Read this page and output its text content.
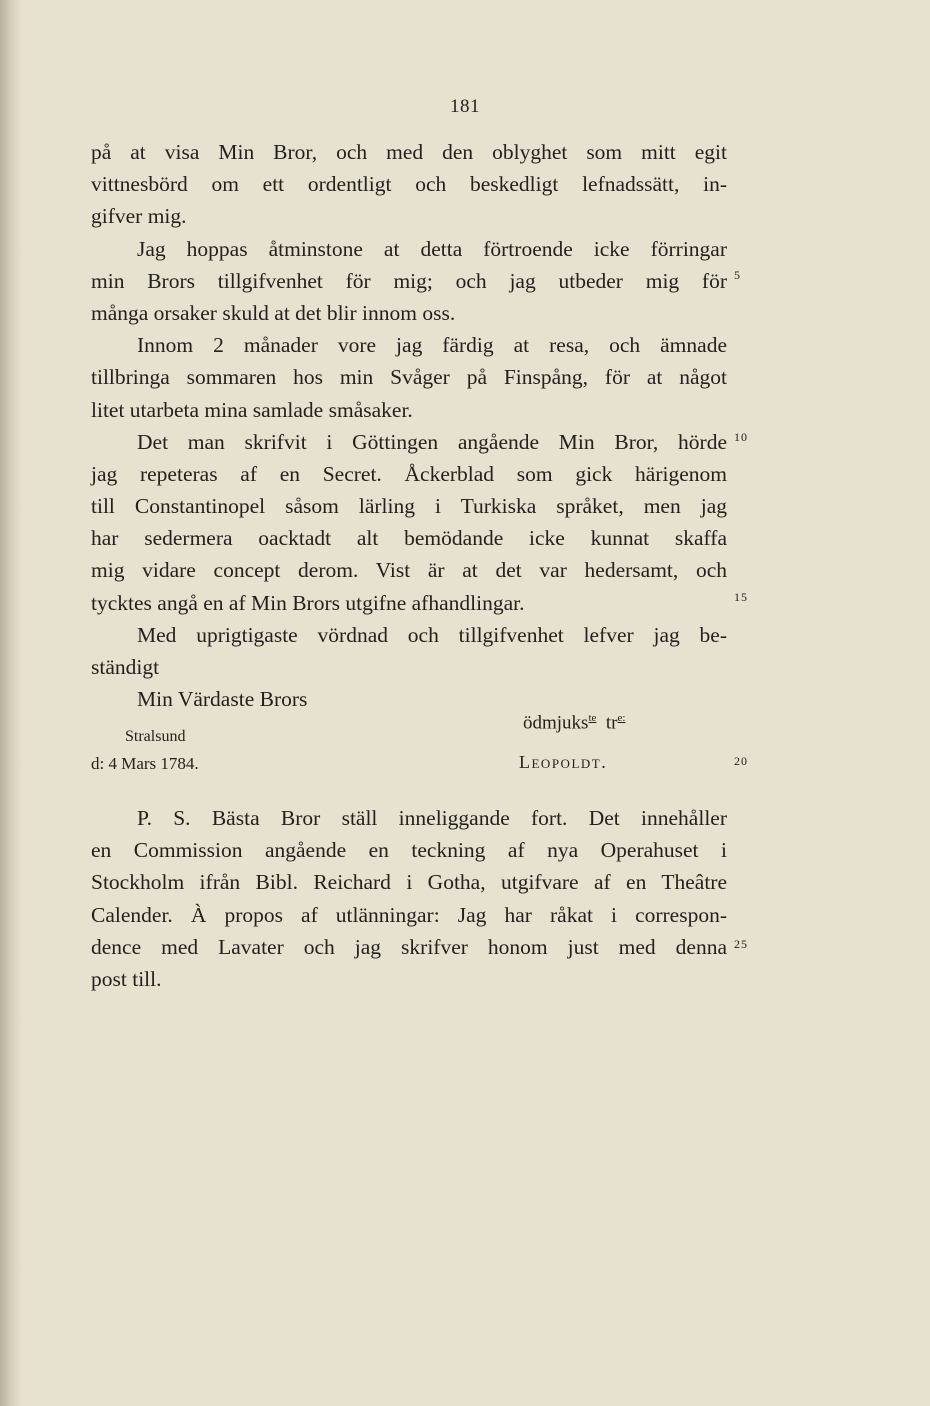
181
på at visa Min Bror, och med den oblyghet som mitt egit
vittnesbörd om ett ordentligt och beskedligt lefnadssätt, in-
gifver mig.
Jag hoppas åtminstone at detta förtroende icke förringar
min Brors tillgifvenhet för mig; och jag utbeder mig för
många orsaker skuld at det blir innom oss.
Innom 2 månader vore jag färdig at resa, och ämnade
tillbringa sommaren hos min Svåger på Finspång, för at något
litet utarbeta mina samlade småsaker.
Det man skrifvit i Göttingen angående Min Bror, hörde
jag repeteras af en Secret. Åckerblad som gick härigenom
till Constantinopel såsom lärling i Turkiska språket, men jag
har sedermera oacktadt alt bemödande icke kunnat skaffa
mig vidare concept derom. Vist är at det var hedersamt, och
tycktes angå en af Min Brors utgifne afhandlingar.
Med uprigtigaste vördnad och tillgifvenhet lefver jag be-
ständigt
Min Värdaste Brors
5
10
15
20
25
Stralsund
d: 4 Mars 1784.
ödmjuks$^{te}$ $tr^{e:}$
Leopoldt.
P. S. Bästa Bror ställ inneliggande fort. Det innehåller
en Commission angående en teckning af nya Operahuset i
Stockholm ifrån Bibl. Reichard i Gotha, utgifvare af en Theâtre
Calender. À propos af utlänningar: Jag har råkat i correspon-
dence med Lavater och jag skrifver honom just med denna
post till.
